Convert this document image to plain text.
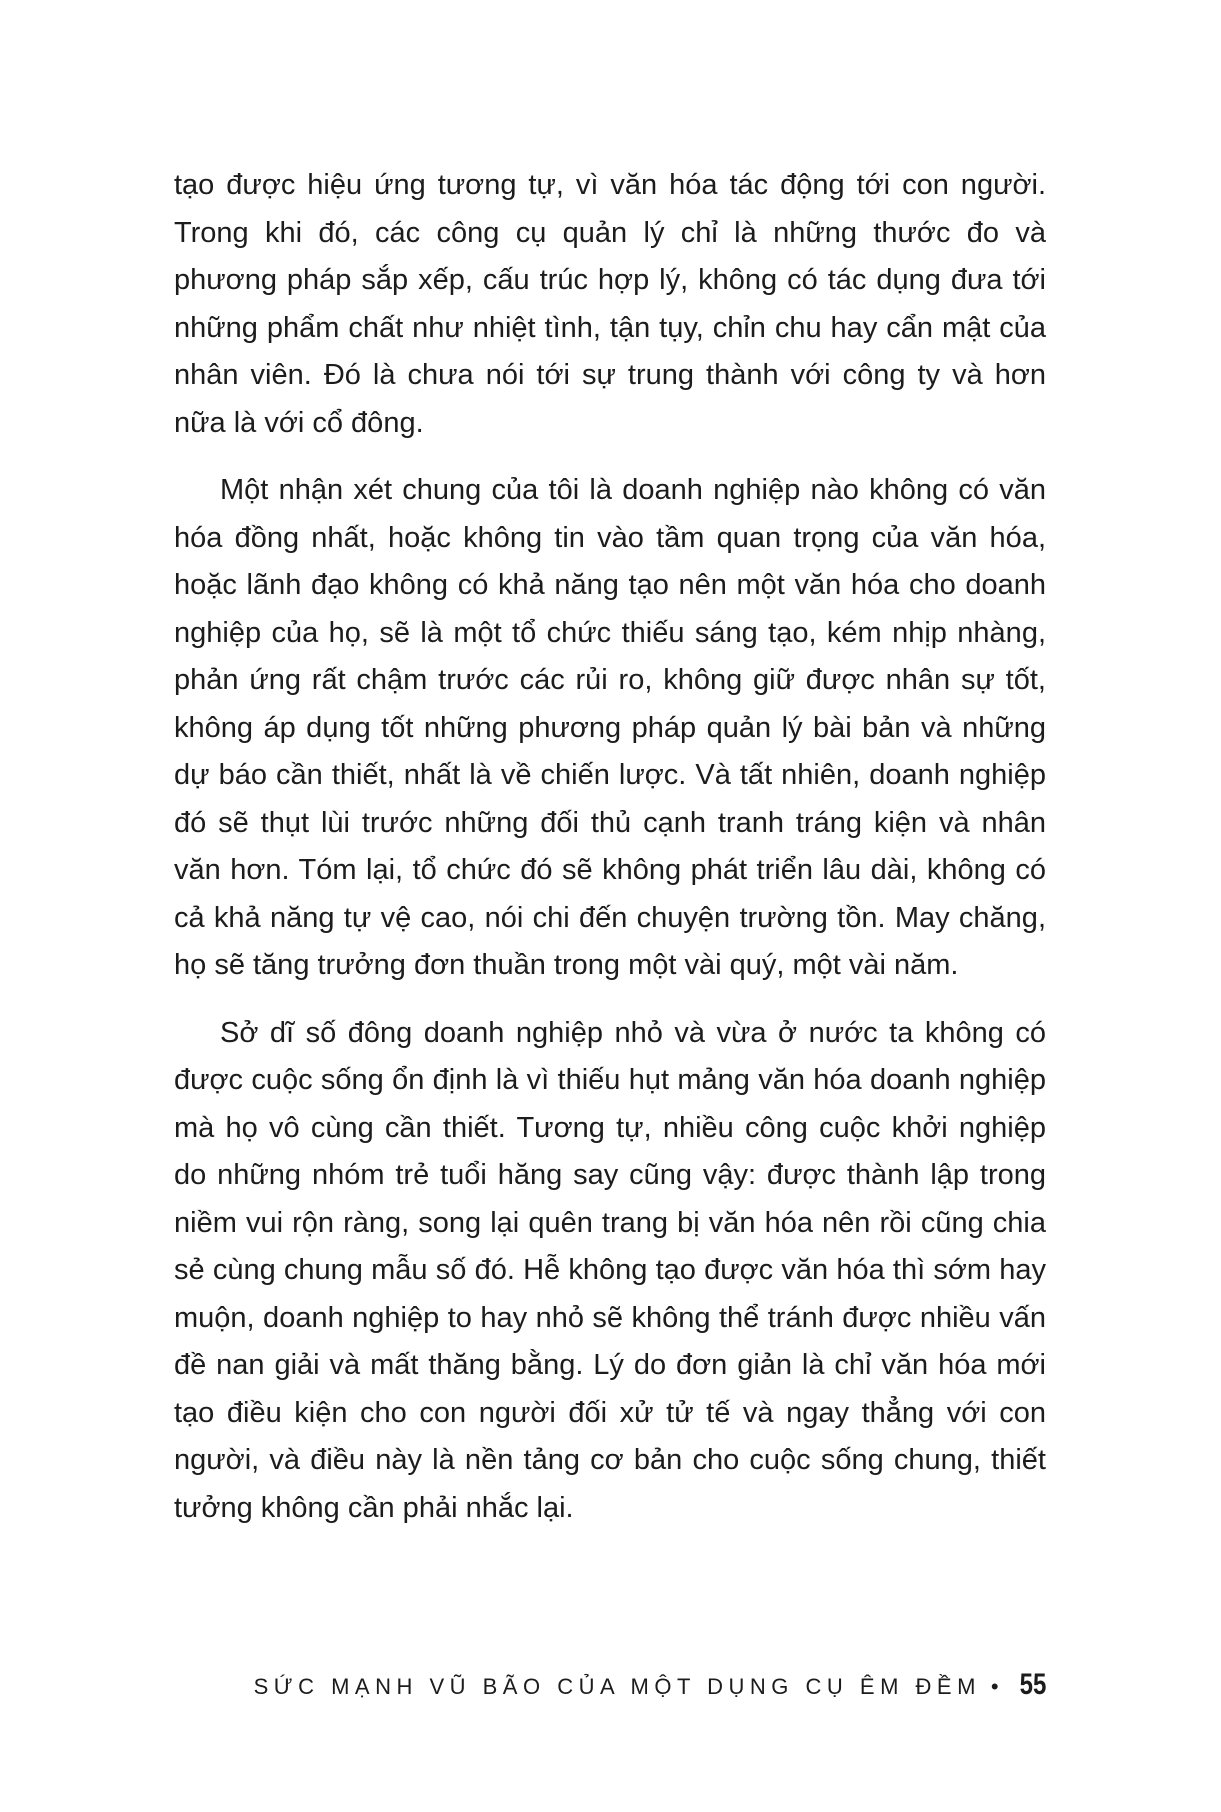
tạo được hiệu ứng tương tự, vì văn hóa tác động tới con người. Trong khi đó, các công cụ quản lý chỉ là những thước đo và phương pháp sắp xếp, cấu trúc hợp lý, không có tác dụng đưa tới những phẩm chất như nhiệt tình, tận tụy, chỉn chu hay cẩn mật của nhân viên. Đó là chưa nói tới sự trung thành với công ty và hơn nữa là với cổ đông.

Một nhận xét chung của tôi là doanh nghiệp nào không có văn hóa đồng nhất, hoặc không tin vào tầm quan trọng của văn hóa, hoặc lãnh đạo không có khả năng tạo nên một văn hóa cho doanh nghiệp của họ, sẽ là một tổ chức thiếu sáng tạo, kém nhịp nhàng, phản ứng rất chậm trước các rủi ro, không giữ được nhân sự tốt, không áp dụng tốt những phương pháp quản lý bài bản và những dự báo cần thiết, nhất là về chiến lược. Và tất nhiên, doanh nghiệp đó sẽ thụt lùi trước những đối thủ cạnh tranh tráng kiện và nhân văn hơn. Tóm lại, tổ chức đó sẽ không phát triển lâu dài, không có cả khả năng tự vệ cao, nói chi đến chuyện trường tồn. May chăng, họ sẽ tăng trưởng đơn thuần trong một vài quý, một vài năm.

Sở dĩ số đông doanh nghiệp nhỏ và vừa ở nước ta không có được cuộc sống ổn định là vì thiếu hụt mảng văn hóa doanh nghiệp mà họ vô cùng cần thiết. Tương tự, nhiều công cuộc khởi nghiệp do những nhóm trẻ tuổi hăng say cũng vậy: được thành lập trong niềm vui rộn ràng, song lại quên trang bị văn hóa nên rồi cũng chia sẻ cùng chung mẫu số đó. Hễ không tạo được văn hóa thì sớm hay muộn, doanh nghiệp to hay nhỏ sẽ không thể tránh được nhiều vấn đề nan giải và mất thăng bằng. Lý do đơn giản là chỉ văn hóa mới tạo điều kiện cho con người đối xử tử tế và ngay thẳng với con người, và điều này là nền tảng cơ bản cho cuộc sống chung, thiết tưởng không cần phải nhắc lại.

SỨC MẠNH VŨ BÃO CỦA MỘT DỤNG CỤ ÊM ĐỀM • 55
